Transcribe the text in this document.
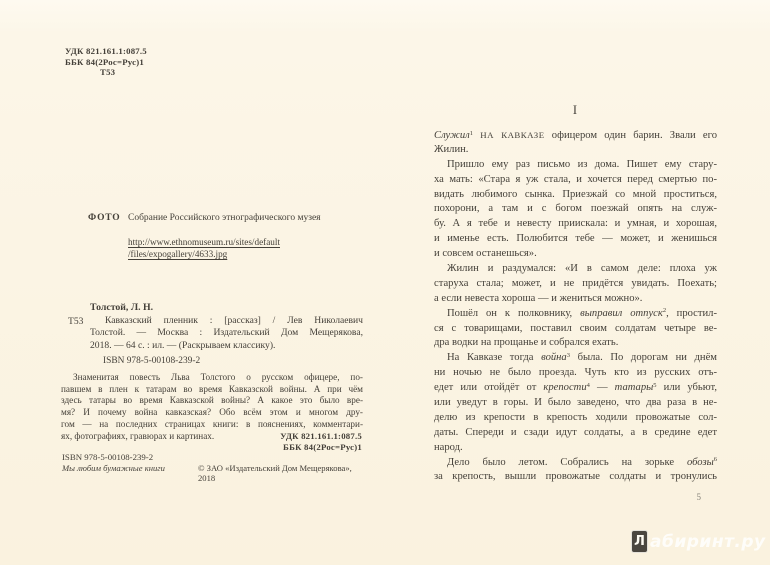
УДК 821.161.1:087.5
ББК 84(2Рос=Рус)1
Т53
ФОТО Собрание Российского этнографического музея
http://www.ethnomuseum.ru/sites/default
/files/expogallery/4633.jpg
Толстой, Л. Н.
Т53	Кавказский пленник : [рассказ] / Лев Николаевич
Толстой. — Москва : Издательский Дом Мещерякова,
2018. — 64 с. : ил. — (Раскрываем классику).
ISBN 978-5-00108-239-2
Знаменитая повесть Льва Толстого о русском офицере, по-
павшем в плен к татарам во время Кавказской войны. А при чём
здесь татары во время Кавказской войны? А какое это было вре-
мя? И почему война кавказская? Обо всём этом и многом дру-
гом — на последних страницах книги: в пояснениях, комментари-
ях, фотографиях, гравюрах и картинах.	УДК 821.161.1:087.5
ББК 84(2Рос=Рус)1
ISBN 978-5-00108-239-2
Мы любим бумажные книги	© ЗАО «Издательский Дом Мещерякова», 2018
I
Служил$^1$ НА КАВКАЗЕ офицером один барин. Звали его
Жилин.
Пришло ему раз письмо из дома. Пишет ему стару-
ха мать: «Стара я уж стала, и хочется перед смертью по-
видать любимого сынка. Приезжай со мной проститься,
похорони, а там и с богом поезжай опять на служ-
бу. А я тебе и невесту приискала: и умная, и хорошая,
и именье есть. Полюбится тебе — может, и женишься
и совсем останешься».
Жилин и раздумался: «И в самом деле: плоха уж
старуха стала; может, и не придётся увидать. Поехать;
а если невеста хороша — и жениться можно».
Пошёл он к полковнику, выправил отпуск$^2$, простил-
ся с товарищами, поставил своим солдатам четыре ве-
дра водки на прощанье и собрался ехать.
На Кавказе тогда война$^3$ была. По дорогам ни днём
ни ночью не было проезда. Чуть кто из русских отъ-
едет или отойдёт от крепости$^4$ — татары$^5$ или убьют,
или уведут в горы. И было заведено, что два раза в не-
делю из крепости в крепость ходили провожатые сол-
даты. Спереди и сзади идут солдаты, а в средине едет
народ.
Дело было летом. Собрались на зорьке обозы$^6$
за крепость, вышли провожатые солдаты и тронулись
5
Л абиринт.ру
